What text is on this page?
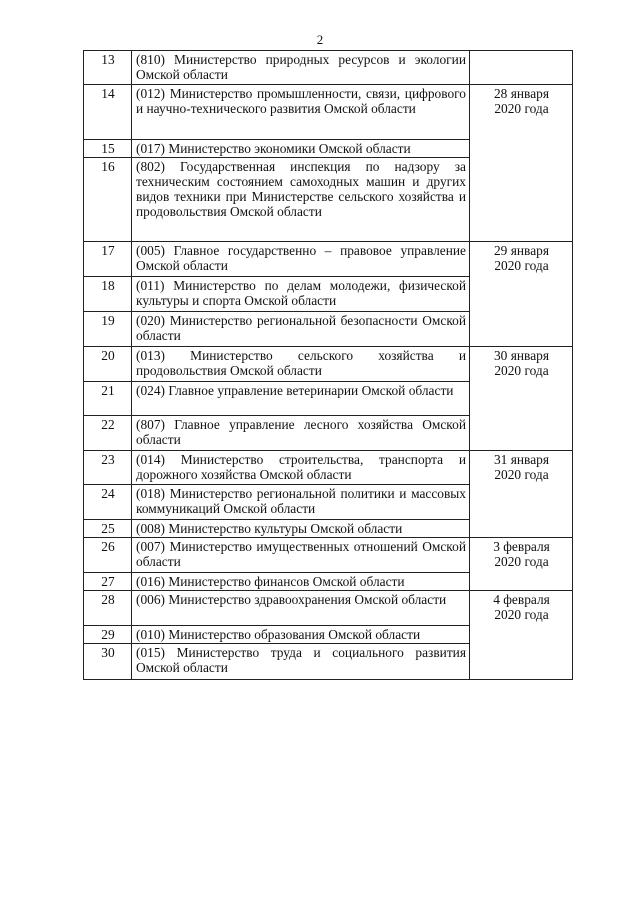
2
13	(810) Министерство природных ресурсов и экологии Омской области	
14	(012) Министерство промышленности, связи, цифрового и научно-технического развития Омской области	28 января
2020 года

15	(017) Министерство экономики Омской области	
16	(802) Государственная инспекция по надзору за техническим состоянием самоходных машин и других видов техники при Министерстве сельского хозяйства и продовольствия Омской области	
17	(005) Главное государственно – правовое управление Омской области	29 января
2020 года

18	(011) Министерство по делам молодежи, физической культуры и спорта Омской области	
19	(020) Министерство региональной безопасности Омской области	
20	(013) Министерство сельского хозяйства и продовольствия Омской области	30 января
2020 года

21	(024) Главное управление ветеринарии Омской области	
22	(807) Главное управление лесного хозяйства Омской области	
23	(014) Министерство строительства, транспорта и дорожного хозяйства Омской области	31 января
2020 года

24	(018) Министерство региональной политики и массовых коммуникаций Омской области	
25	(008) Министерство культуры Омской области	
26	(007) Министерство имущественных отношений Омской области	3 февраля
2020 года

27	(016) Министерство финансов Омской области	
28	(006) Министерство здравоохранения Омской области	4 февраля
2020 года

29	(010) Министерство образования Омской области	
30	(015) Министерство труда и социального развития Омской области	
